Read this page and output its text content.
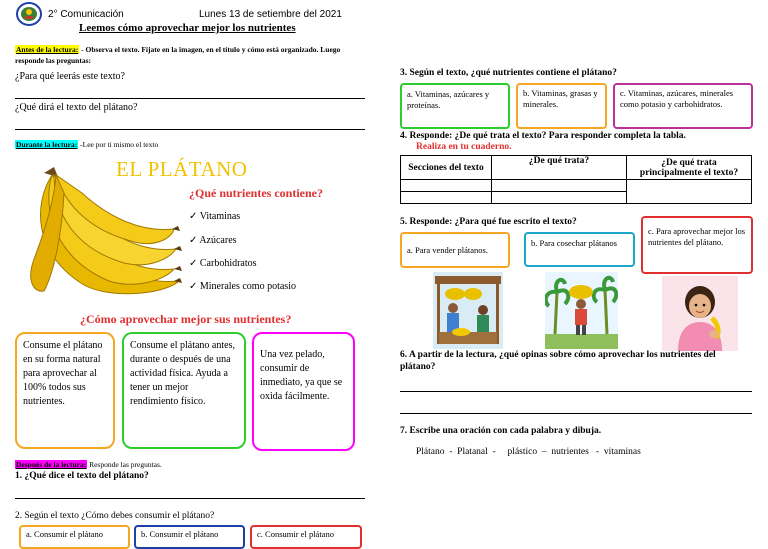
2° Comunicación	Lunes 13 de setiembre del 2021
Leemos cómo aprovechar mejor los nutrientes
Antes de la lectura: - Observa el texto. Fíjate en la imagen, en el título y cómo está organizado. Luego responde las preguntas:
¿Para qué leerás este texto?
¿Qué dirá el texto del plátano?
Durante la lectura: -Lee por ti mismo el texto
EL PLÁTANO
¿Qué nutrientes contiene?
✓ Vitaminas
✓ Azúcares
✓ Carbohidratos
✓ Minerales como potasio
¿Cómo aprovechar mejor sus nutrientes?
Consume el plátano en su forma natural para aprovechar al 100% todos sus nutrientes.
Consume el plátano antes, durante o después de una actividad física. Ayuda a tener un mejor rendimiento físico.
Una vez pelado, consumir de inmediato, ya que se oxida fácilmente.
Después de la lectura: Responde las preguntas.
1. ¿Qué dice el texto del plátano?
2. Según el texto ¿Cómo debes consumir el plátano?
a. Consumir el plátano	b. Consumir el plátano	c. Consumir el plátano
3. Según el texto, ¿qué nutrientes contiene el plátano?
a. Vitaminas, azúcares y proteínas.
b. Vitaminas, grasas y minerales.
c. Vitaminas, azúcares, minerales como potasio y carbohidratos.
4. Responde: ¿De qué trata el texto? Para responder completa la tabla.
Realiza en tu cuaderno.
Secciones del texto	¿De qué trata?	¿De qué trata principalmente el texto?

5. Responde: ¿Para qué fue escrito el texto?
a. Para vender plátanos.
b. Para cosechar plátanos
c. Para aprovechar mejor los nutrientes del plátano.
6. A partir de la lectura, ¿qué opinas sobre cómo aprovechar los nutrientes del plátano?
7. Escribe una oración con cada palabra y dibuja.
Plátano  -  Platanal  -     plástico  –  nutrientes   -  vitaminas
